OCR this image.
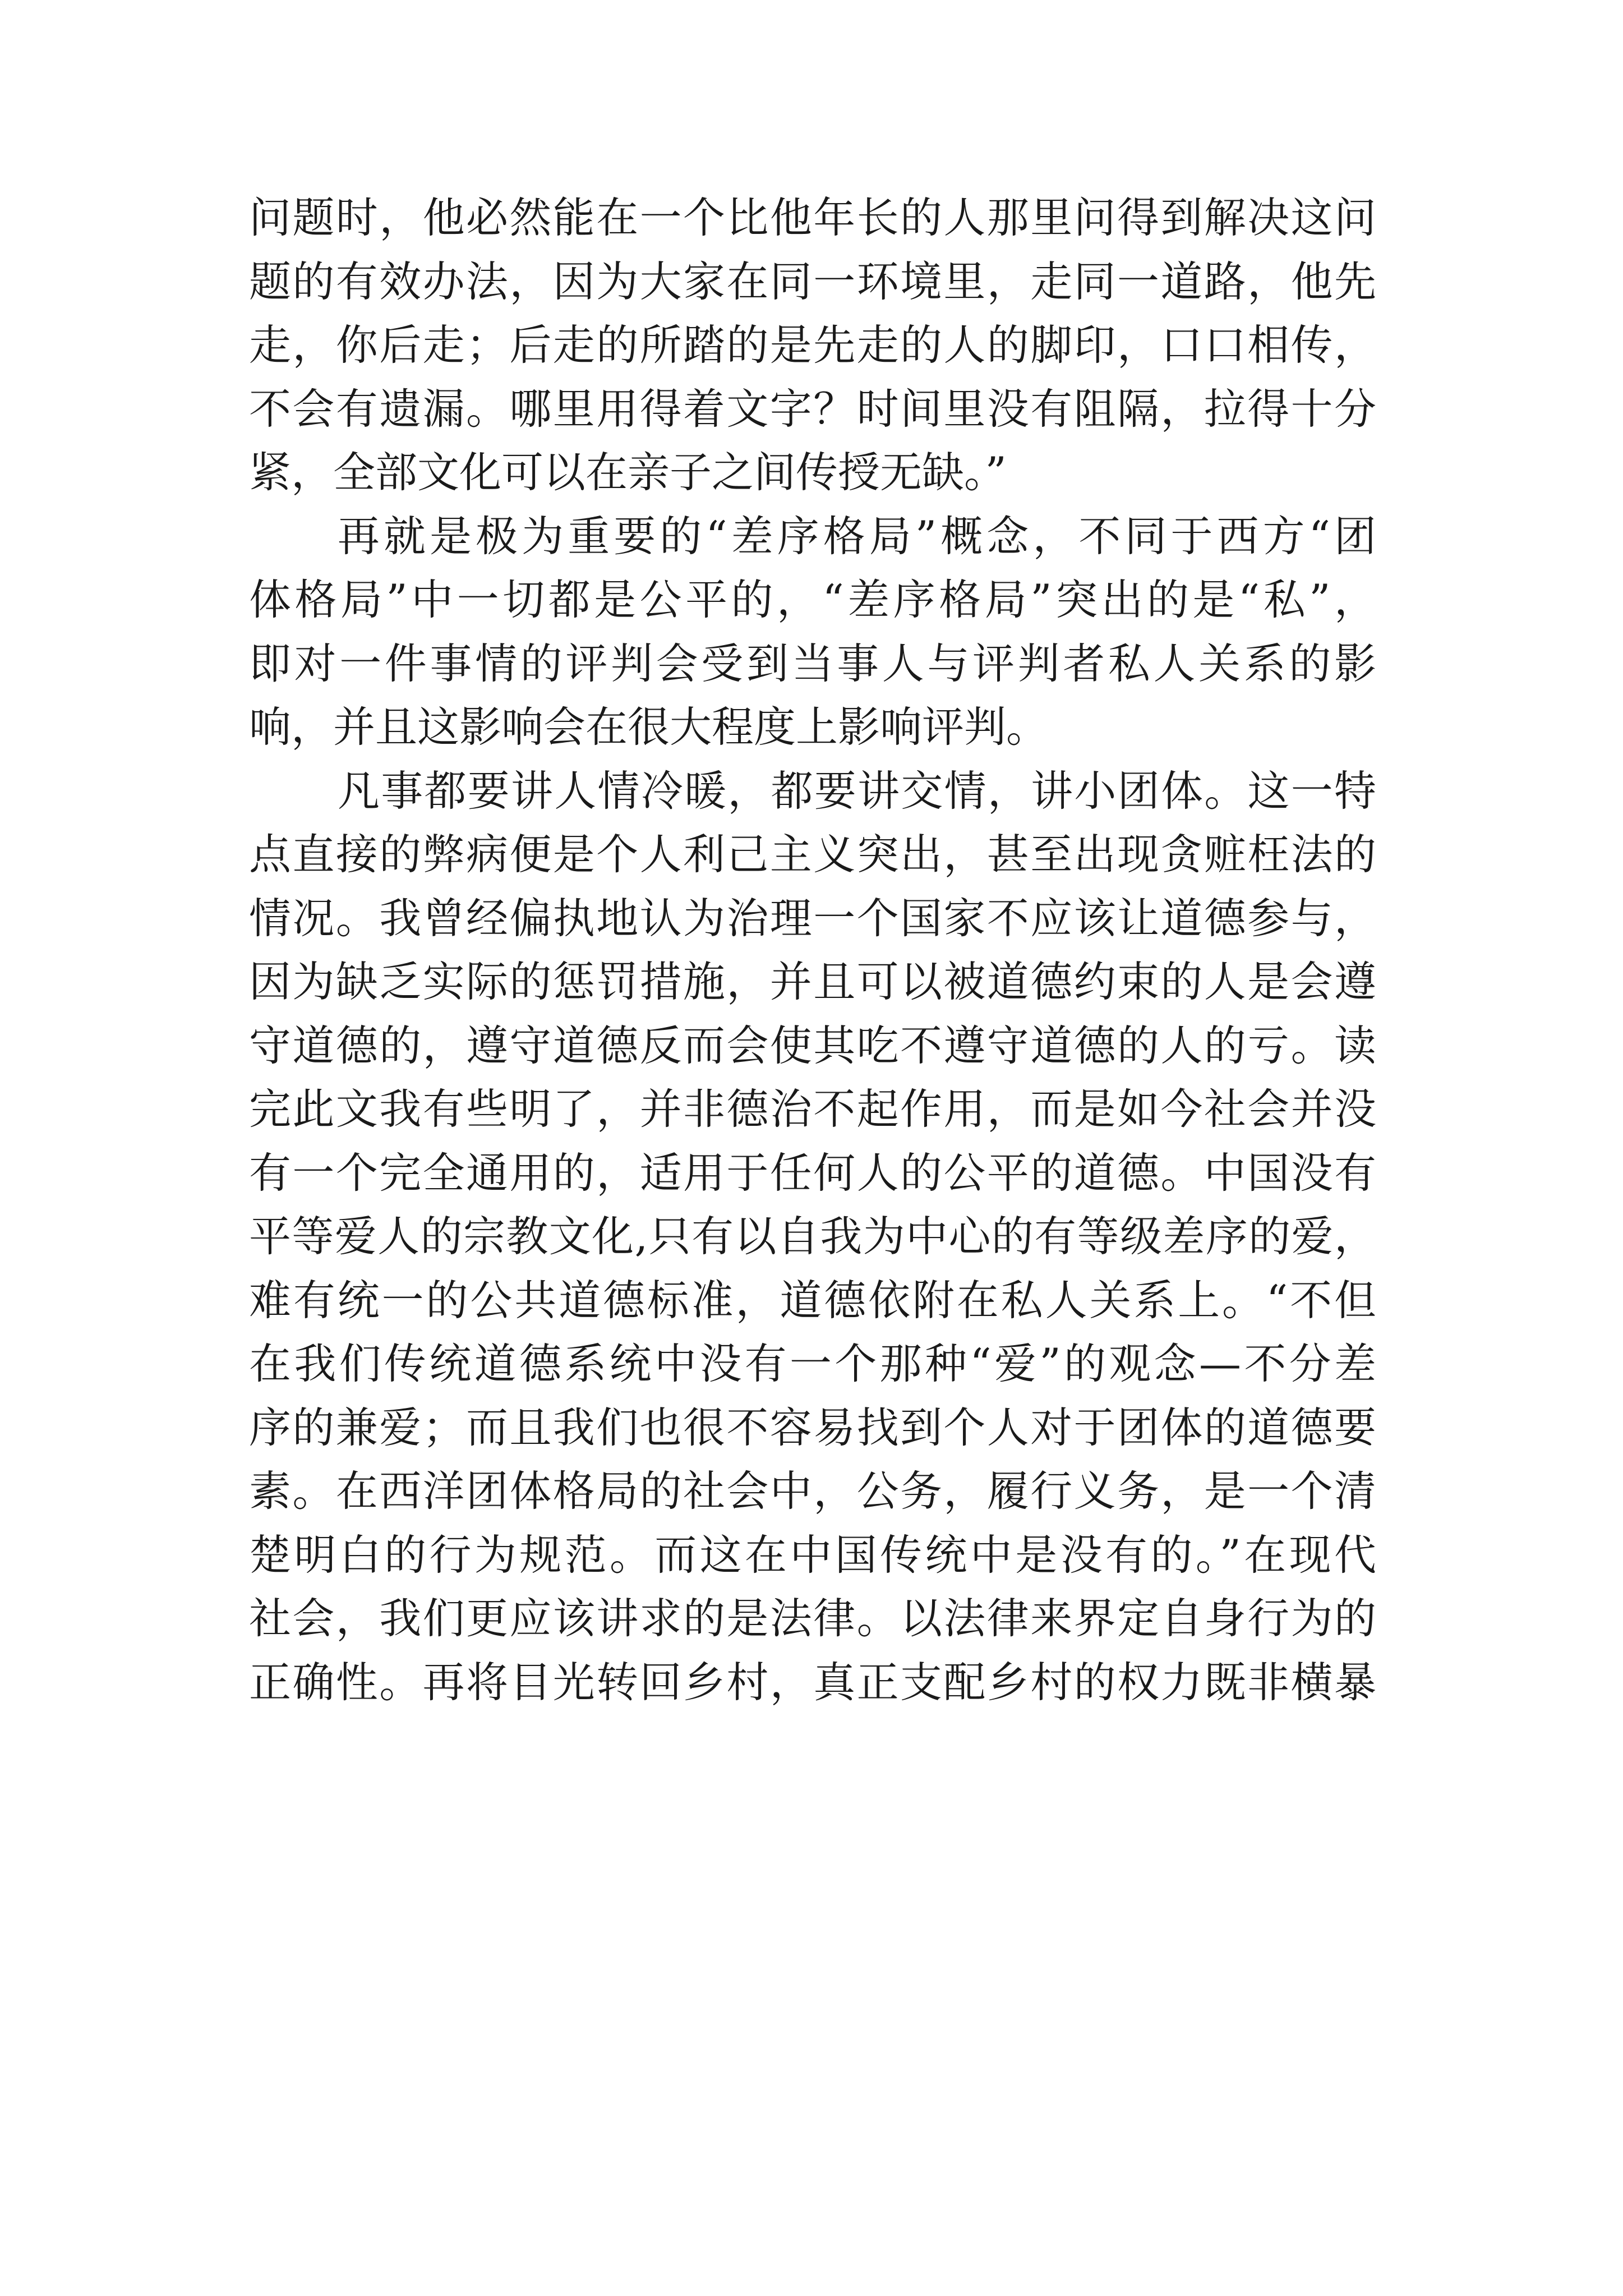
问题时，他必然能在一个比他年长的人那里问得到解决这问
题的有效办法，因为大家在同一环境里，走同一道路，他先
走，你后走；后走的所踏的是先走的人的脚印，口口相传，
不会有遗漏。哪里用得着文字？时间里没有阻隔，拉得十分
紧，全部文化可以在亲子之间传授无缺。”
再就是极为重要的“差序格局”概念，不同于西方“团
体格局”中一切都是公平的，“差序格局”突出的是“私”，
即对一件事情的评判会受到当事人与评判者私人关系的影
响，并且这影响会在很大程度上影响评判。
凡事都要讲人情冷暖，都要讲交情，讲小团体。这一特
点直接的弊病便是个人利己主义突出，甚至出现贪赃枉法的
情况。我曾经偏执地认为治理一个国家不应该让道德参与，
因为缺乏实际的惩罚措施，并且可以被道德约束的人是会遵
守道德的，遵守道德反而会使其吃不遵守道德的人的亏。读
完此文我有些明了，并非德治不起作用，而是如今社会并没
有一个完全通用的，适用于任何人的公平的道德。中国没有
平等爱人的宗教文化,只有以自我为中心的有等级差序的爱，
难有统一的公共道德标准，道德依附在私人关系上。“不但
在我们传统道德系统中没有一个那种“爱”的观念—不分差
序的兼爱；而且我们也很不容易找到个人对于团体的道德要
素。在西洋团体格局的社会中，公务，履行义务，是一个清
楚明白的行为规范。而这在中国传统中是没有的。”在现代
社会，我们更应该讲求的是法律。以法律来界定自身行为的
正确性。再将目光转回乡村，真正支配乡村的权力既非横暴
